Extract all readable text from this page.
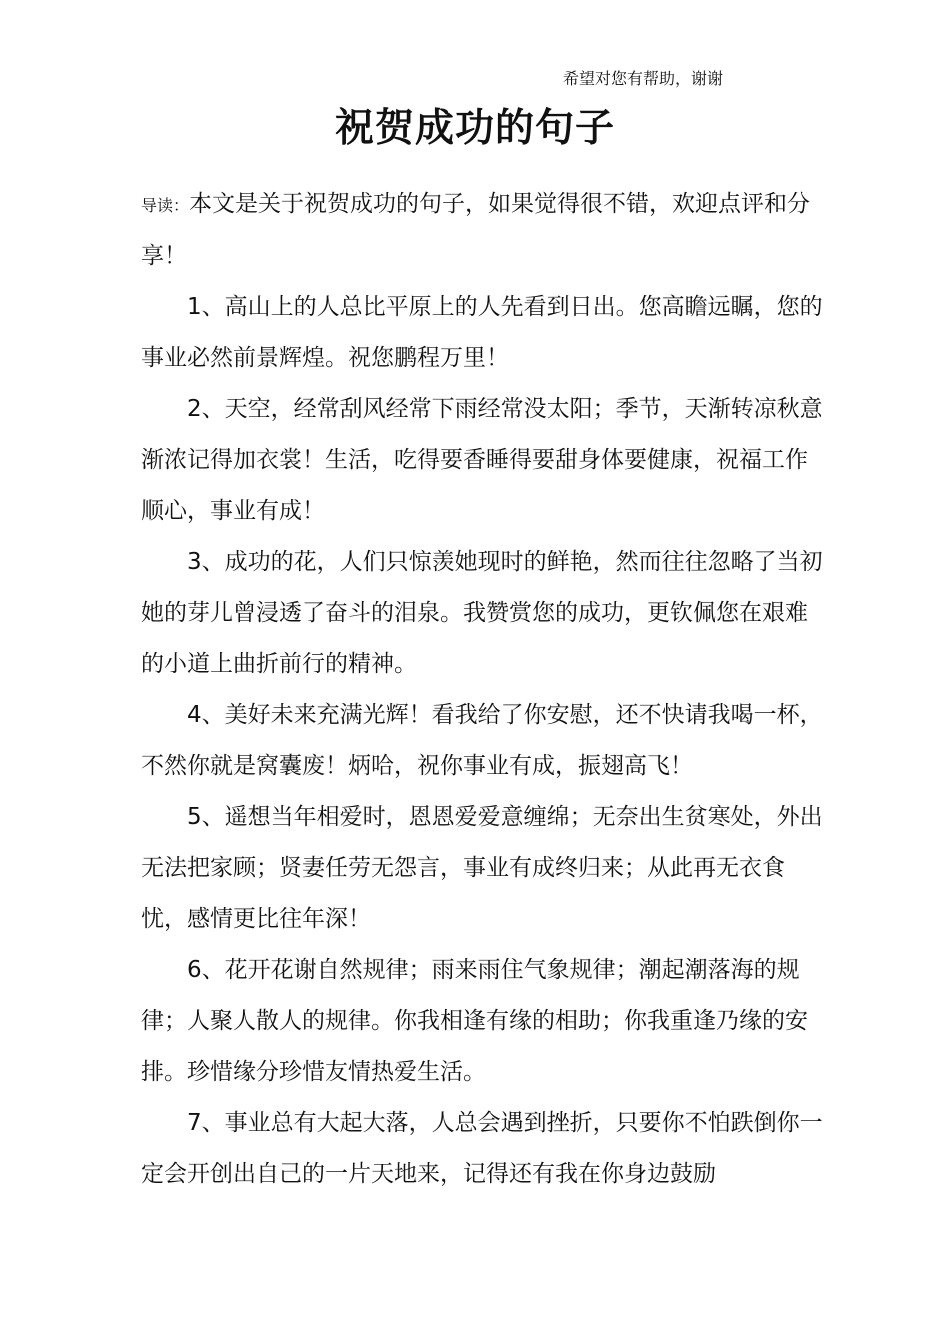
希望对您有帮助，谢谢
祝贺成功的句子

导读：本文是关于祝贺成功的句子，如果觉得很不错，欢迎点评和分享！

1、高山上的人总比平原上的人先看到日出。您高瞻远瞩，您的事业必然前景辉煌。祝您鹏程万里！

2、天空，经常刮风经常下雨经常没太阳；季节，天渐转凉秋意渐浓记得加衣裳！生活，吃得要香睡得要甜身体要健康，祝福工作顺心，事业有成！

3、成功的花，人们只惊羡她现时的鲜艳，然而往往忽略了当初她的芽儿曾浸透了奋斗的泪泉。我赞赏您的成功，更钦佩您在艰难的小道上曲折前行的精神。

4、美好未来充满光辉！看我给了你安慰，还不快请我喝一杯，不然你就是窝囊废！炳哈，祝你事业有成，振翅高飞！

5、遥想当年相爱时，恩恩爱爱意缠绵；无奈出生贫寒处，外出无法把家顾；贤妻任劳无怨言，事业有成终归来；从此再无衣食忧，感情更比往年深！

6、花开花谢自然规律；雨来雨住气象规律；潮起潮落海的规律；人聚人散人的规律。你我相逢有缘的相助；你我重逢乃缘的安排。珍惜缘分珍惜友情热爱生活。

7、事业总有大起大落，人总会遇到挫折，只要你不怕跌倒你一定会开创出自己的一片天地来，记得还有我在你身边鼓励
